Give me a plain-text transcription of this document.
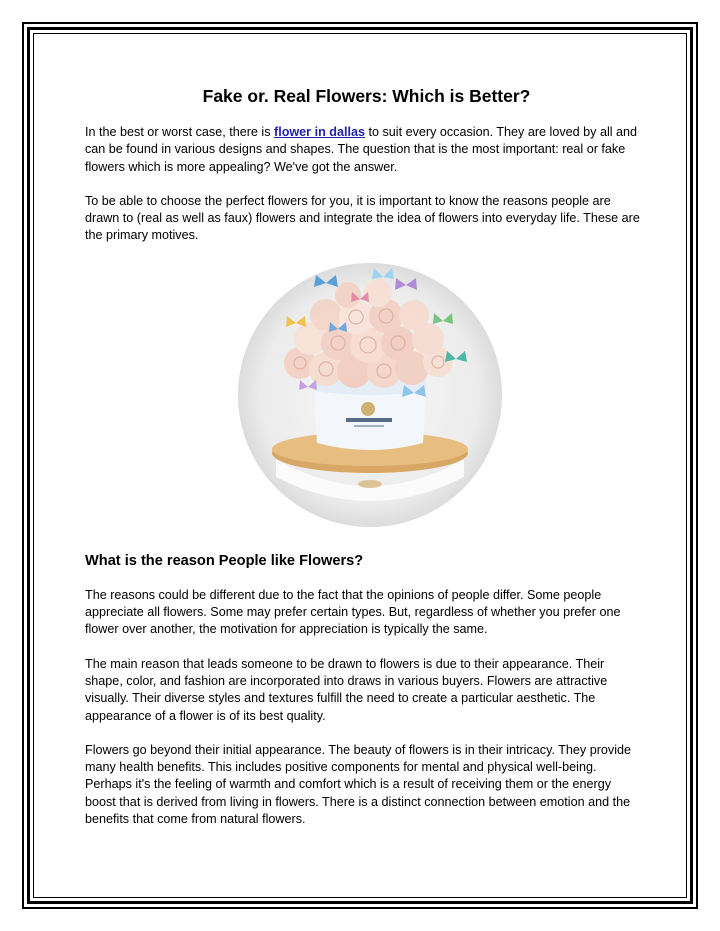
Fake or. Real Flowers: Which is Better?

In the best or worst case, there is flower in dallas to suit every occasion. They are loved by all and can be found in various designs and shapes. The question that is the most important: real or fake flowers which is more appealing? We've got the answer.

To be able to choose the perfect flowers for you, it is important to know the reasons people are drawn to (real as well as faux) flowers and integrate the idea of flowers into everyday life. These are the primary motives.

What is the reason People like Flowers?

The reasons could be different due to the fact that the opinions of people differ. Some people appreciate all flowers. Some may prefer certain types. But, regardless of whether you prefer one flower over another, the motivation for appreciation is typically the same.

The main reason that leads someone to be drawn to flowers is due to their appearance. Their shape, color, and fashion are incorporated into draws in various buyers. Flowers are attractive visually. Their diverse styles and textures fulfill the need to create a particular aesthetic. The appearance of a flower is of its best quality.

Flowers go beyond their initial appearance. The beauty of flowers is in their intricacy. They provide many health benefits. This includes positive components for mental and physical well-being. Perhaps it's the feeling of warmth and comfort which is a result of receiving them or the energy boost that is derived from living in flowers. There is a distinct connection between emotion and the benefits that come from natural flowers.
